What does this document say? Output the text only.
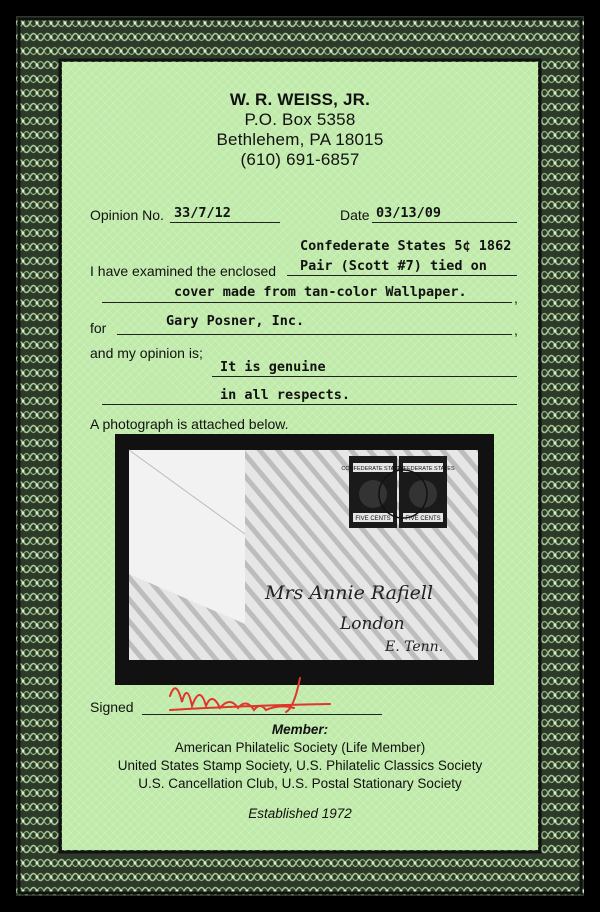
W. R. WEISS, JR.
P.O. Box 5358
Bethlehem, PA 18015
(610) 691-6857
Opinion No. 33/7/12	Date 03/13/09
Confederate States 5¢ 1862
I have examined the enclosed Pair (Scott #7) tied on
cover made from tan-color Wallpaper.	,
for	Gary Posner, Inc.
,
and my opinion is;
It is genuine
in all respects.
A photograph is attached below.
CONFEDERATE STATES
CONFEDERATE STATES
FIVE CENTS FIVE CENTS
Mrs Annie Rafiell
London
E. Tenn.
Signed
Member:
American Philatelic Society (Life Member)
United States Stamp Society, U.S. Philatelic Classics Society
U.S. Cancellation Club, U.S. Postal Stationary Society
Established 1972
